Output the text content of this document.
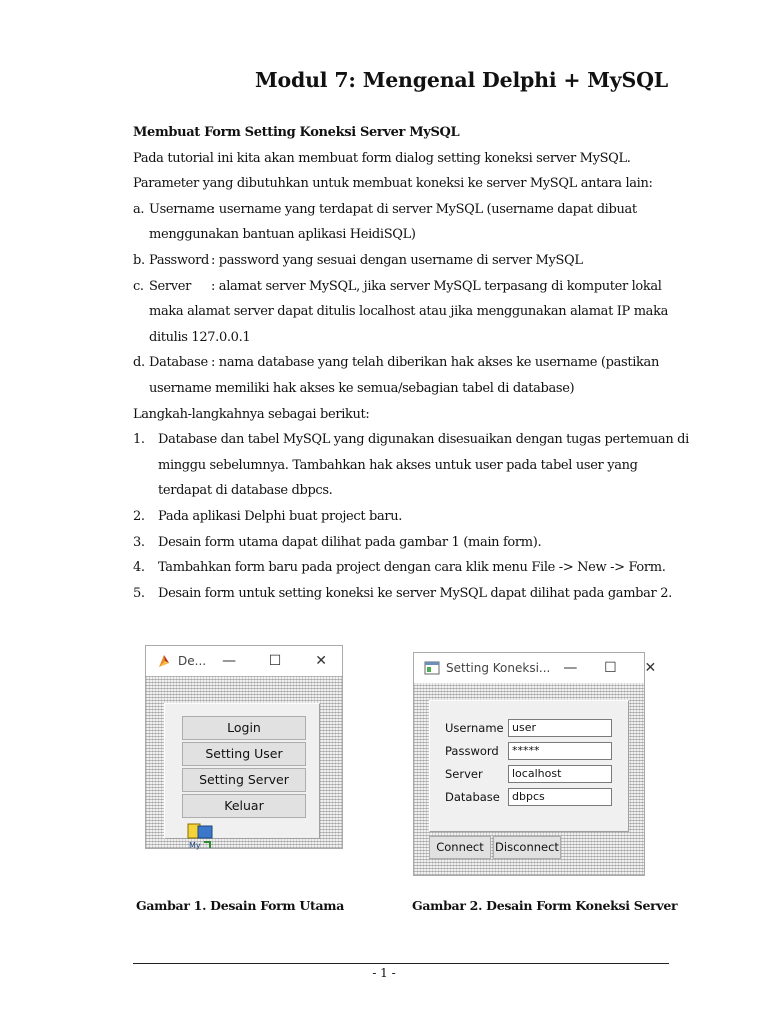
Modul 7: Mengenal Delphi + MySQL
Membuat Form Setting Koneksi Server MySQL
Pada tutorial ini kita akan membuat form dialog setting koneksi server MySQL.
Parameter yang dibutuhkan untuk membuat koneksi ke server MySQL antara lain:
a. Username
: username yang terdapat di server MySQL (username dapat dibuat
menggunakan bantuan aplikasi HeidiSQL)
b. Password : password yang sesuai dengan username di server MySQL
c. Server	: alamat server MySQL, jika server MySQL terpasang di komputer lokal
maka alamat server dapat ditulis localhost atau jika menggunakan alamat IP maka
ditulis 127.0.0.1
d. Database : nama database yang telah diberikan hak akses ke username (pastikan
username memiliki hak akses ke semua/sebagian tabel di database)
Langkah-langkahnya sebagai berikut:
1.	Database dan tabel MySQL yang digunakan disesuaikan dengan tugas pertemuan di
minggu sebelumnya. Tambahkan hak akses untuk user pada tabel user yang
terdapat di database dbpcs.
2.	Pada aplikasi Delphi buat project baru.
3.	Desain form utama dapat dilihat pada gambar 1 (main form).
4.	Tambahkan form baru pada project dengan cara klik menu File -> New -> Form.
5.	Desain form untuk setting koneksi ke server MySQL dapat dilihat pada gambar 2.
De...	—	☐	✕
Login
Setting User
Setting Server
Keluar
My
Setting Koneksi... —	☐	✕
Username user
Password	*****
Server	localhost
Database	dbpcs
Connect Disconnect
Gambar 1. Desain Form Utama	Gambar 2. Desain Form Koneksi Server
- 1 -
